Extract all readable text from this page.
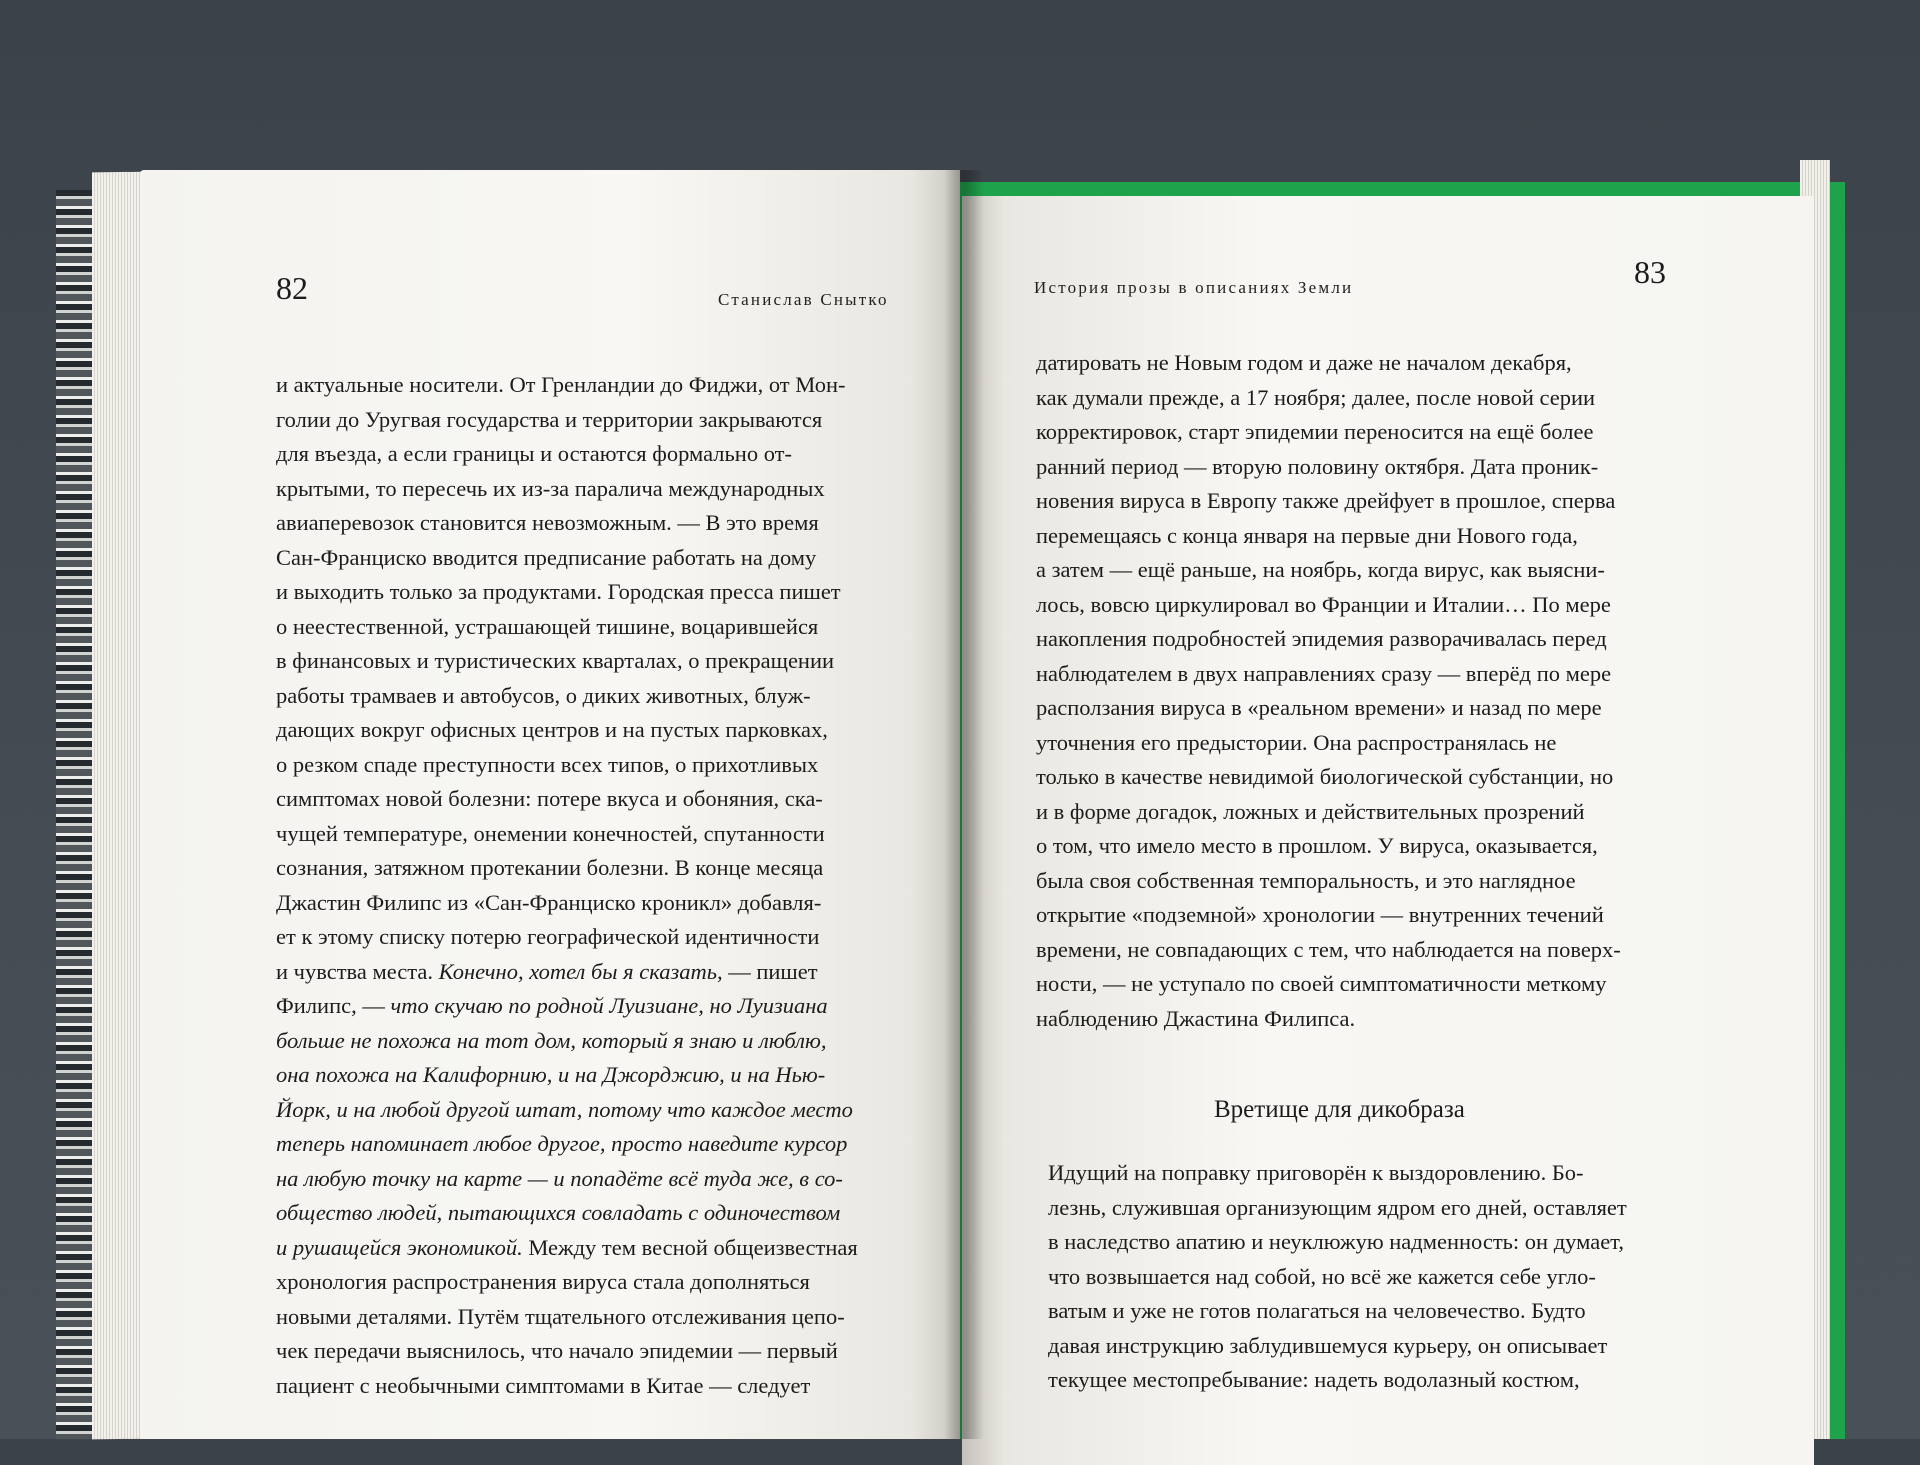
82	Станислав Снытко
и актуальные носители. От Гренландии до Фиджи, от Мон-
голии до Уругвая государства и территории закрываются
для въезда, а если границы и остаются формально от-
крытыми, то пересечь их из-за паралича международных
авиаперевозок становится невозможным. — В это время
Сан-Франциско вводится предписание работать на дому
и выходить только за продуктами. Городская пресса пишет
о неестественной, устрашающей тишине, воцарившейся
в финансовых и туристических кварталах, о прекращении
работы трамваев и автобусов, о диких животных, блуж-
дающих вокруг офисных центров и на пустых парковках,
о резком спаде преступности всех типов, о прихотливых
симптомах новой болезни: потере вкуса и обоняния, ска-
чущей температуре, онемении конечностей, спутанности
сознания, затяжном протекании болезни. В конце месяца
Джастин Филипс из «Сан-Франциско кроникл» добавля-
ет к этому списку потерю географической идентичности
и чувства места. Конечно, хотел бы я сказать, — пишет
Филипс, — что скучаю по родной Луизиане, но Луизиана
больше не похожа на тот дом, который я знаю и люблю,
она похожа на Калифорнию, и на Джорджию, и на Нью-
Йорк, и на любой другой штат, потому что каждое место
теперь напоминает любое другое, просто наведите курсор
на любую точку на карте — и попадёте всё туда же, в со-
общество людей, пытающихся совладать с одиночеством
и рушащейся экономикой. Между тем весной общеизвестная
хронология распространения вируса стала дополняться
новыми деталями. Путём тщательного отслеживания цепо-
чек передачи выяснилось, что начало эпидемии — первый
пациент с необычными симптомами в Китае — следует
История прозы в описаниях Земли	83
датировать не Новым годом и даже не началом декабря,
как думали прежде, а 17 ноября; далее, после новой серии
корректировок, старт эпидемии переносится на ещё более
ранний период — вторую половину октября. Дата проник-
новения вируса в Европу также дрейфует в прошлое, сперва
перемещаясь с конца января на первые дни Нового года,
а затем — ещё раньше, на ноябрь, когда вирус, как выясни-
лось, вовсю циркулировал во Франции и Италии… По мере
накопления подробностей эпидемия разворачивалась перед
наблюдателем в двух направлениях сразу — вперёд по мере
расползания вируса в «реальном времени» и назад по мере
уточнения его предыстории. Она распространялась не
только в качестве невидимой биологической субстанции, но
и в форме догадок, ложных и действительных прозрений
о том, что имело место в прошлом. У вируса, оказывается,
была своя собственная темпоральность, и это наглядное
открытие «подземной» хронологии — внутренних течений
времени, не совпадающих с тем, что наблюдается на поверх-
ности, — не уступало по своей симптоматичности меткому
наблюдению Джастина Филипса.
Вретище для дикобраза
Идущий на поправку приговорён к выздоровлению. Бо-
лезнь, служившая организующим ядром его дней, оставляет
в наследство апатию и неуклюжую надменность: он думает,
что возвышается над собой, но всё же кажется себе угло-
ватым и уже не готов полагаться на человечество. Будто
давая инструкцию заблудившемуся курьеру, он описывает
текущее местопребывание: надеть водолазный костюм,
